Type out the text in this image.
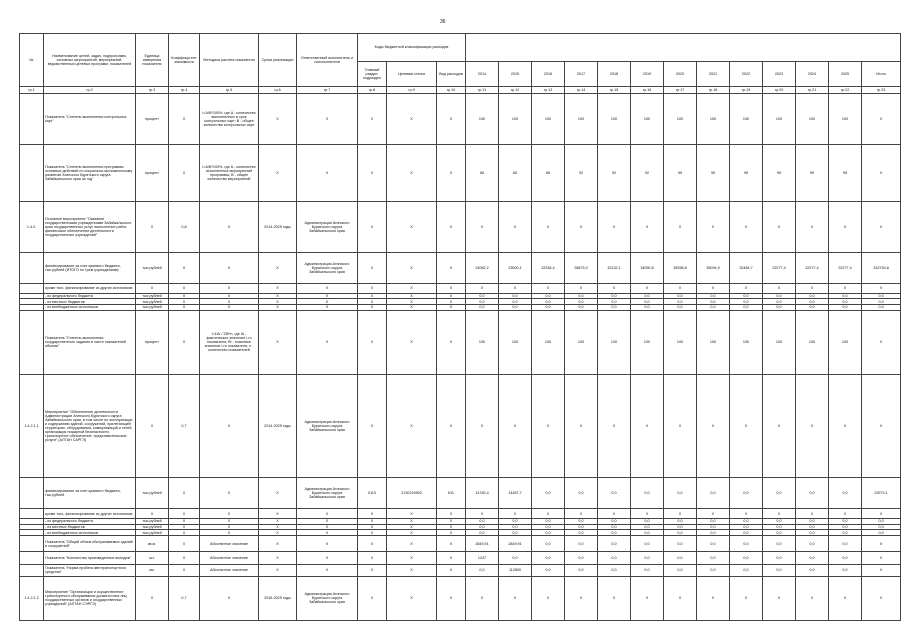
36
№	Наименование целей, задач, подпрограмм, основных мероприятий, мероприятий, ведомственных целевых программ, показателей	Единица измерения показателя	Коэффици-ент значимости	Методика расчета показателя	Сроки реализации	Ответственный исполнитель и соисполнители	Коды бюджетной классификации расходов															
							Главный раздел, подраздел	Целевая статья	Вид расходов	2014	2015	2016	2017	2018	2019	2020	2021	2022	2023	2024	2025	Итого
гр.1	гр.2	гр.3	гр.4	гр.5	гр.6	гр.7	гр.8	гр.9	гр.10	гр.11	гр.12	гр.13	гр.14	гр.15	гр.16	гр.17	гр.18	гр.19	гр.20	гр.21	гр.22	гр.23
	Показатель "Степень выполнения контрольных карт"	процент	X	I=A/B*100%, где A - количество выполненных в срок контрольных карт; B - общее количество контрольных карт	X	X	X	X	X	100	100	100	100	100	100	100	100	100	100	100	100	X
	Показатель "Степень выполнения программы основных действий по социально-экономическому развитию Агинского Бурятского округа Забайкальского края за год"	процент	X	I=A/B*100%, где A - количество исполненных мероприятий программы; B - общее количество мероприятий	X	X	X	X	X	85	85	85	92	92	92	95	95	95	95	95	95	X
1.4.2.	Основное мероприятие "Оказание государственными учреждениями Забайкальского края государственных услуг, выполнение работ, финансовое обеспечение деятельности государственных учреждений"	X	0,8	X	2014-2025 годы	Администрация Агинского Бурятского округа Забайкальского края	X	X	X	X	X	X	X	X	X	X	X	X	X	X	X	X
	финансирование за счет краевого бюджета, тыс.рублей (ИТОГО по трем учреждениям)	тыс.рублей	X	X	X	Администрация Агинского Бурятского округа Забайкальского края	X	X	X	24082,2	23500,1	22284,4	28875,0	32132,1	34050,8	35358,8	35094,9	32484,7	22277,4	22277,4	22277,4	332754,8
	кроме того, финансирование из других источников:	X	X	X	X	X	X	X	X	X	X	X	X	X	X	X	X	X	X	X	X	X
	- из федерального бюджета	тыс.рублей	X	X	X	X	X	X	X	0,0	0,0	0,0	0,0	0,0	0,0	0,0	0,0	0,0	0,0	0,0	0,0	0,0
	- из местных бюджетов	тыс.рублей	X	X	X	X	X	X	X	0,0	0,0	0,0	0,0	0,0	0,0	0,0	0,0	0,0	0,0	0,0	0,0	0,0
	- из внебюджетных источников	тыс.рублей	X	X	X	X	X	X	X	0,0	0,0	0,0	0,0	0,0	0,0	0,0	0,0	0,0	0,0	0,0	0,0	0,0
	Показатель "Степень выполнения государственного задания в части показателей объема"	процент	X	I=ΣAi / ΣBi*n, где Ai - фактическое значение i-го показателя; Bi - плановое значение i-го показателя, n - количество показателей	X	X	X	X	X	100	100	100	100	100	100	100	100	100	100	100	100	X
1.4.2.1.1	Мероприятие "Обеспечение деятельности Администрации Агинского Бурятского округа Забайкальского края, в том числе по эксплуатации и содержанию зданий, сооружений, прилегающей территории, оборудования, коммуникаций и сетей, организация пожарной безопасности, транспортное обеспечение, представительские услуги" (АЛТАН САРГЭ)	X	0,7	X	2014-2025 годы	Администрация Агинского Бурятского округа Забайкальского края	X	X	X	X	X	X	X	X	X	X	X	X	X	X	X	X
	финансирование за счет краевого бюджета, тыс.рублей	тыс.рублей	X	X	X	Администрация Агинского Бурятского округа Забайкальского края	0113	2130219902	611	14782,4	14487,7	0,0	0,0	0,0	0,0	0,0	0,0	0,0	0,0	0,0	0,0	29270,1
	кроме того, финансирование из других источников:	X	X	X	X	X	X	X	X	X	X	X	X	X	X	X	X	X	X	X	X	X
	- из федерального бюджета	тыс.рублей	X	X	X	X	X	X	X	0,0	0,0	0,0	0,0	0,0	0,0	0,0	0,0	0,0	0,0	0,0	0,0	0,0
	- из местных бюджетов	тыс.рублей	X	X	X	X	X	X	X	0,0	0,0	0,0	0,0	0,0	0,0	0,0	0,0	0,0	0,0	0,0	0,0	0,0
	- из внебюджетных источников	тыс.рублей	X	X	X	X	X	X	X	0,0	0,0	0,0	0,0	0,0	0,0	0,0	0,0	0,0	0,0	0,0	0,0	0,0
	Показатель "Общий объем обслуживаемых зданий и сооружений"	кв.м.	X	Абсолютное значение	X	X	X	X	X	2849,91	2849,91	0,0	0,0	0,0	0,0	0,0	0,0	0,0	0,0	0,0	0,0	X
	Показатель "Количество произведенных выездов"	шт.	X	Абсолютное значение	X	X	X	X	X	1247	0,0	0,0	0,0	0,0	0,0	0,0	0,0	0,0	0,0	0,0	0,0	X
	Показатель "Норма пробега автотранспортного средства"	км.	X	Абсолютное значение	X	X	X	X	X	0,0	112800	0,0	0,0	0,0	0,0	0,0	0,0	0,0	0,0	0,0	0,0	X
1.4.2.1.2	Мероприятие "Организация и осуществление транспортного обслуживания должностных лиц государственных органов и государственных учреждений" (АЛТАН СЭРГЭ)	X	0,7	X	2016-2025 годы	Администрация Агинского Бурятского округа Забайкальского края	X	X	X	X	X	X	X	X	X	X	X	X	X	X	X	X
